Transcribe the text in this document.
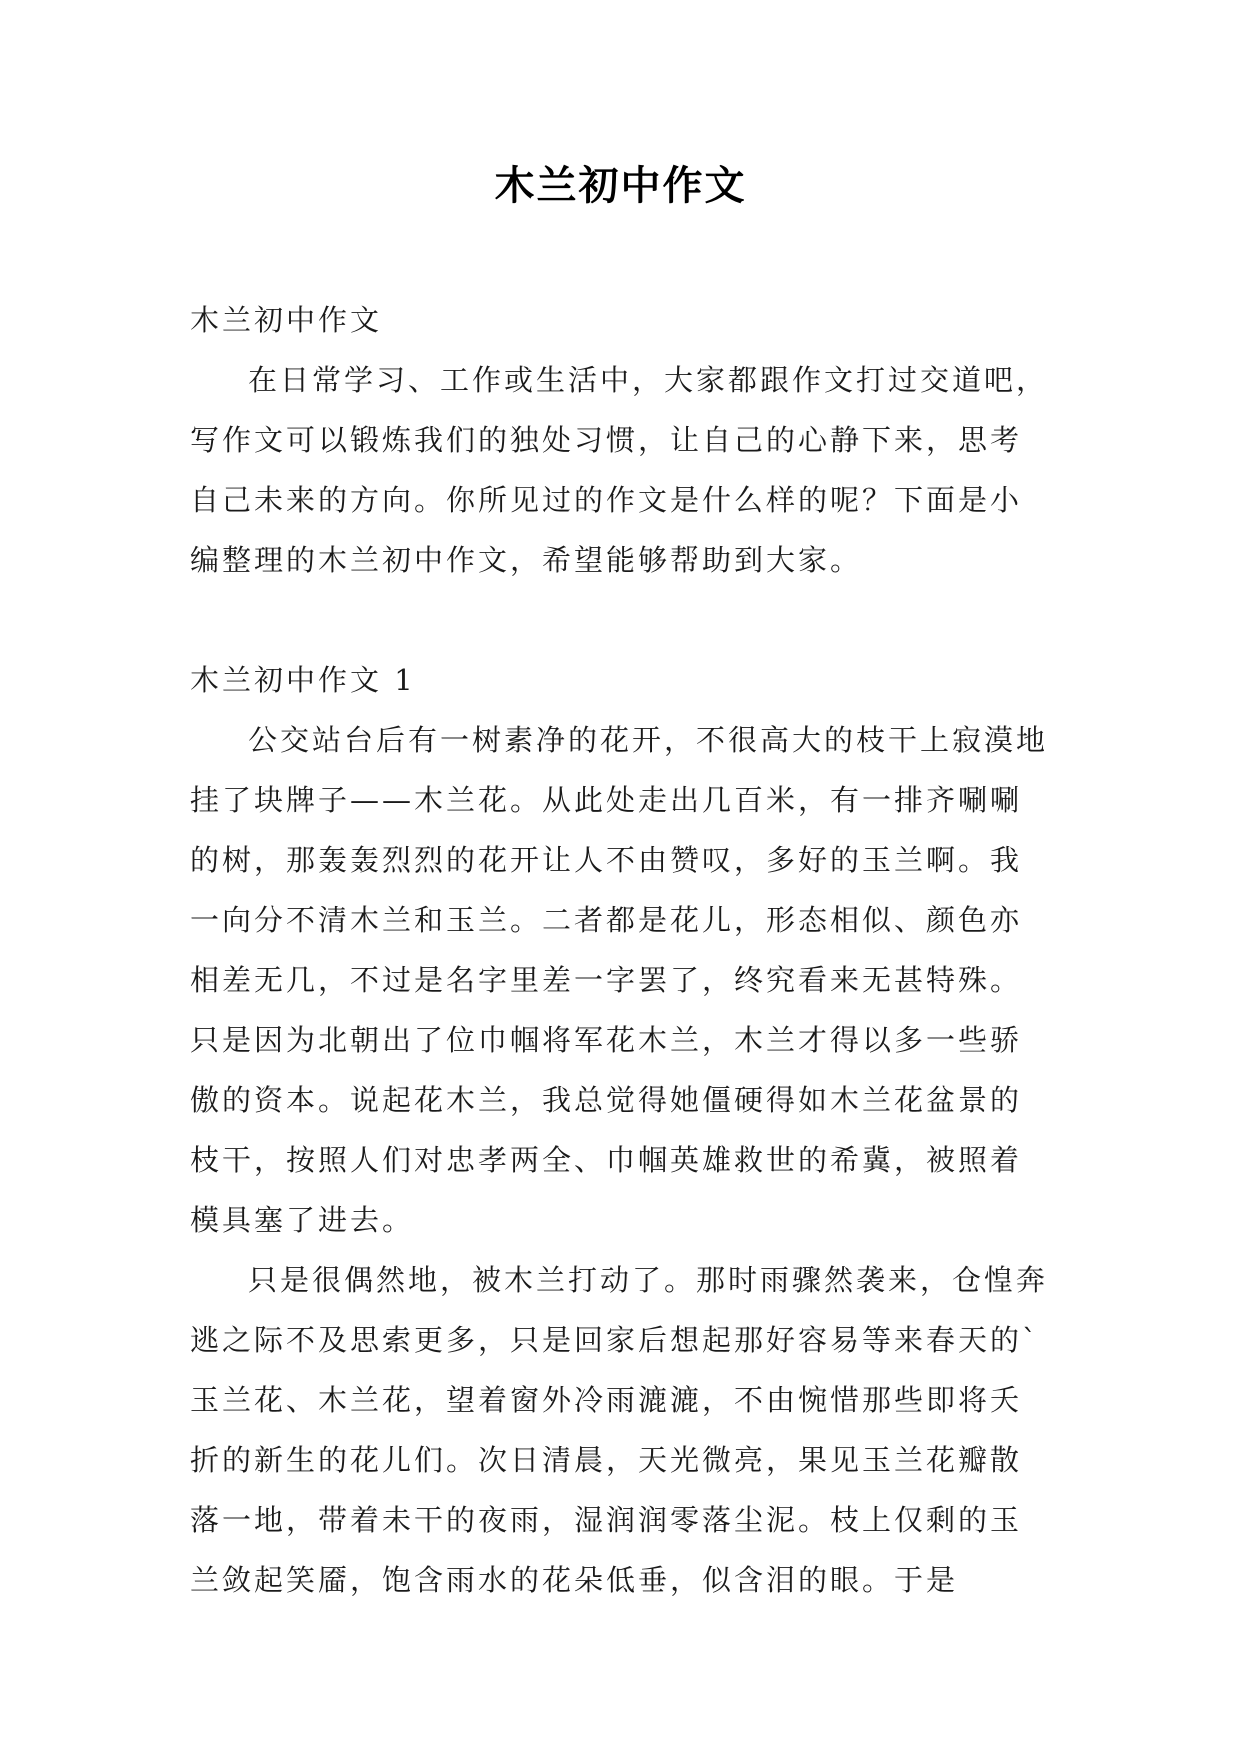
木兰初中作文

木兰初中作文

在日常学习、工作或生活中，大家都跟作文打过交道吧，写作文可以锻炼我们的独处习惯，让自己的心静下来，思考自己未来的方向。你所见过的作文是什么样的呢？下面是小编整理的木兰初中作文，希望能够帮助到大家。

木兰初中作文 1

公交站台后有一树素净的花开，不很高大的枝干上寂漠地挂了块牌子——木兰花。从此处走出几百米，有一排齐唰唰的树，那轰轰烈烈的花开让人不由赞叹，多好的玉兰啊。我一向分不清木兰和玉兰。二者都是花儿，形态相似、颜色亦相差无几，不过是名字里差一字罢了，终究看来无甚特殊。只是因为北朝出了位巾帼将军花木兰，木兰才得以多一些骄傲的资本。说起花木兰，我总觉得她僵硬得如木兰花盆景的枝干，按照人们对忠孝两全、巾帼英雄救世的希冀，被照着模具塞了进去。

只是很偶然地，被木兰打动了。那时雨骤然袭来，仓惶奔逃之际不及思索更多，只是回家后想起那好容易等来春天的`玉兰花、木兰花，望着窗外冷雨漉漉，不由惋惜那些即将夭折的新生的花儿们。次日清晨，天光微亮，果见玉兰花瓣散落一地，带着未干的夜雨，湿润润零落尘泥。枝上仅剩的玉兰敛起笑靥，饱含雨水的花朵低垂，似含泪的眼。于是
